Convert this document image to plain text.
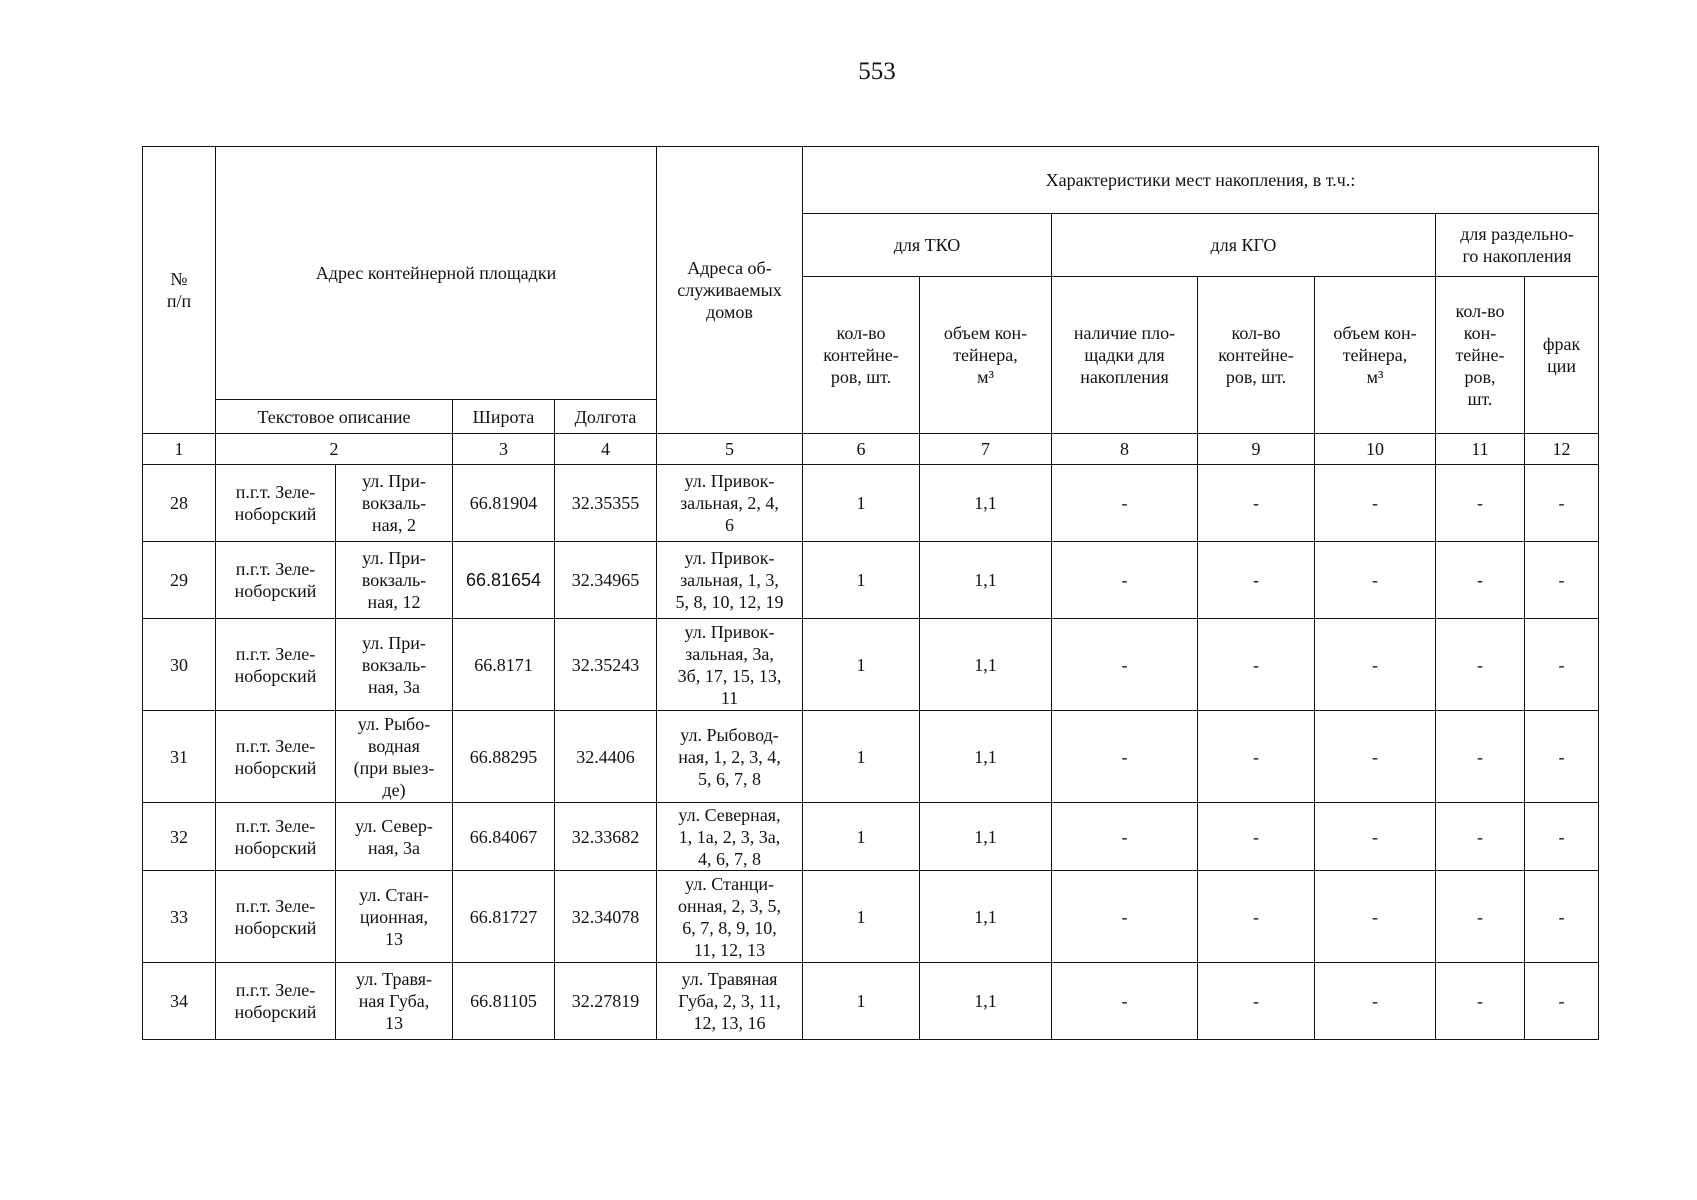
553
№
п/п	Адрес контейнерной площадки				Адреса об-
служиваемых
домов	Характеристики мест накопления, в т.ч.:						
						для ТКО		для КГО			для раздельно-
го накопления	
						кол-во
контейне-
ров, шт.	объем кон-
тейнера,
м³	наличие пло-
щадки для
накопления	кол-во
контейне-
ров, шт.	объем кон-
тейнера,
м³	кол-во
кон-
тейне-
ров,
шт.	фрак
ции
	Текстовое описание		Широта	Долгота								
1	2		3	4	5	6	7	8	9	10	11	12
28	п.г.т. Зеле-
ноборский	ул. При-
вокзаль-
ная, 2	66.81904	32.35355	ул. Привок-
зальная, 2, 4,
6	1	1,1	-	-	-	-	-
29	п.г.т. Зеле-
ноборский	ул. При-
вокзаль-
ная, 12	66.81654	32.34965	ул. Привок-
зальная, 1, 3,
5, 8, 10, 12, 19	1	1,1	-	-	-	-	-
30	п.г.т. Зеле-
ноборский	ул. При-
вокзаль-
ная, 3а	66.8171	32.35243	ул. Привок-
зальная, 3а,
3б, 17, 15, 13,
11	1	1,1	-	-	-	-	-
31	п.г.т. Зеле-
ноборский	ул. Рыбо-
водная
(при выез-
де)	66.88295	32.4406	ул. Рыбовод-
ная, 1, 2, 3, 4,
5, 6, 7, 8	1	1,1	-	-	-	-	-
32	п.г.т. Зеле-
ноборский	ул. Север-
ная, 3а	66.84067	32.33682	ул. Северная,
1, 1а, 2, 3, 3а,
4, 6, 7, 8	1	1,1	-	-	-	-	-
33	п.г.т. Зеле-
ноборский	ул. Стан-
ционная,
13	66.81727	32.34078	ул. Станци-
онная, 2, 3, 5,
6, 7, 8, 9, 10,
11, 12, 13	1	1,1	-	-	-	-	-
34	п.г.т. Зеле-
ноборский	ул. Травя-
ная Губа,
13	66.81105	32.27819	ул. Травяная
Губа, 2, 3, 11,
12, 13, 16	1	1,1	-	-	-	-	-
